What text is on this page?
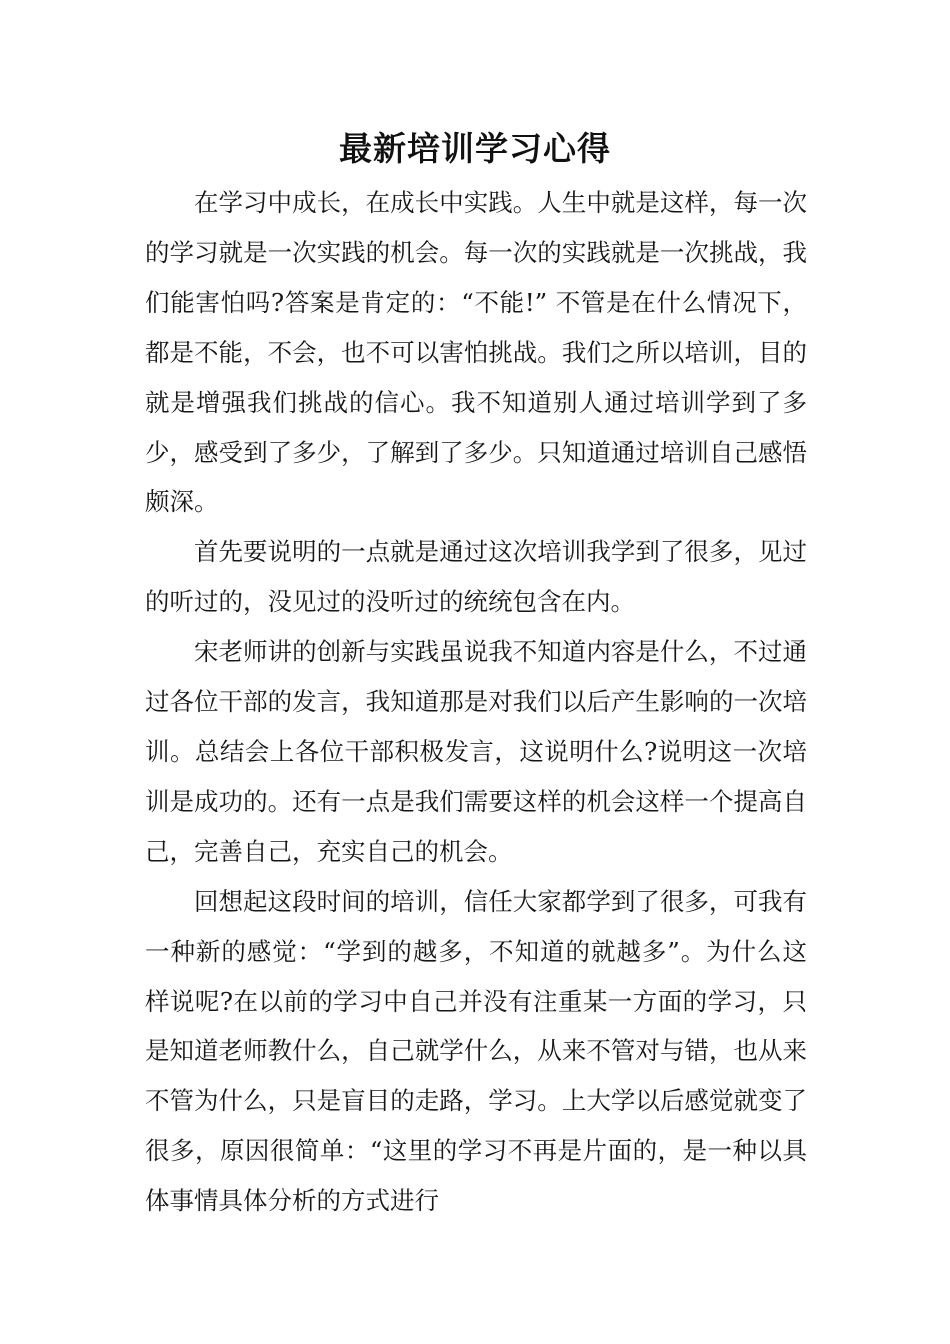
最新培训学习心得

在学习中成长，在成长中实践。人生中就是这样，每一次的学习就是一次实践的机会。每一次的实践就是一次挑战，我们能害怕吗?答案是肯定的：“不能!” 不管是在什么情况下，都是不能，不会，也不可以害怕挑战。我们之所以培训，目的就是增强我们挑战的信心。我不知道别人通过培训学到了多少，感受到了多少，了解到了多少。只知道通过培训自己感悟颇深。

首先要说明的一点就是通过这次培训我学到了很多，见过的听过的，没见过的没听过的统统包含在内。

宋老师讲的创新与实践虽说我不知道内容是什么，不过通过各位干部的发言，我知道那是对我们以后产生影响的一次培训。总结会上各位干部积极发言，这说明什么?说明这一次培训是成功的。还有一点是我们需要这样的机会这样一个提高自己，完善自己，充实自己的机会。

回想起这段时间的培训，信任大家都学到了很多，可我有一种新的感觉：“学到的越多，不知道的就越多”。为什么这样说呢?在以前的学习中自己并没有注重某一方面的学习，只是知道老师教什么，自己就学什么，从来不管对与错，也从来不管为什么，只是盲目的走路，学习。上大学以后感觉就变了很多，原因很简单：“这里的学习不再是片面的，是一种以具体事情具体分析的方式进行
